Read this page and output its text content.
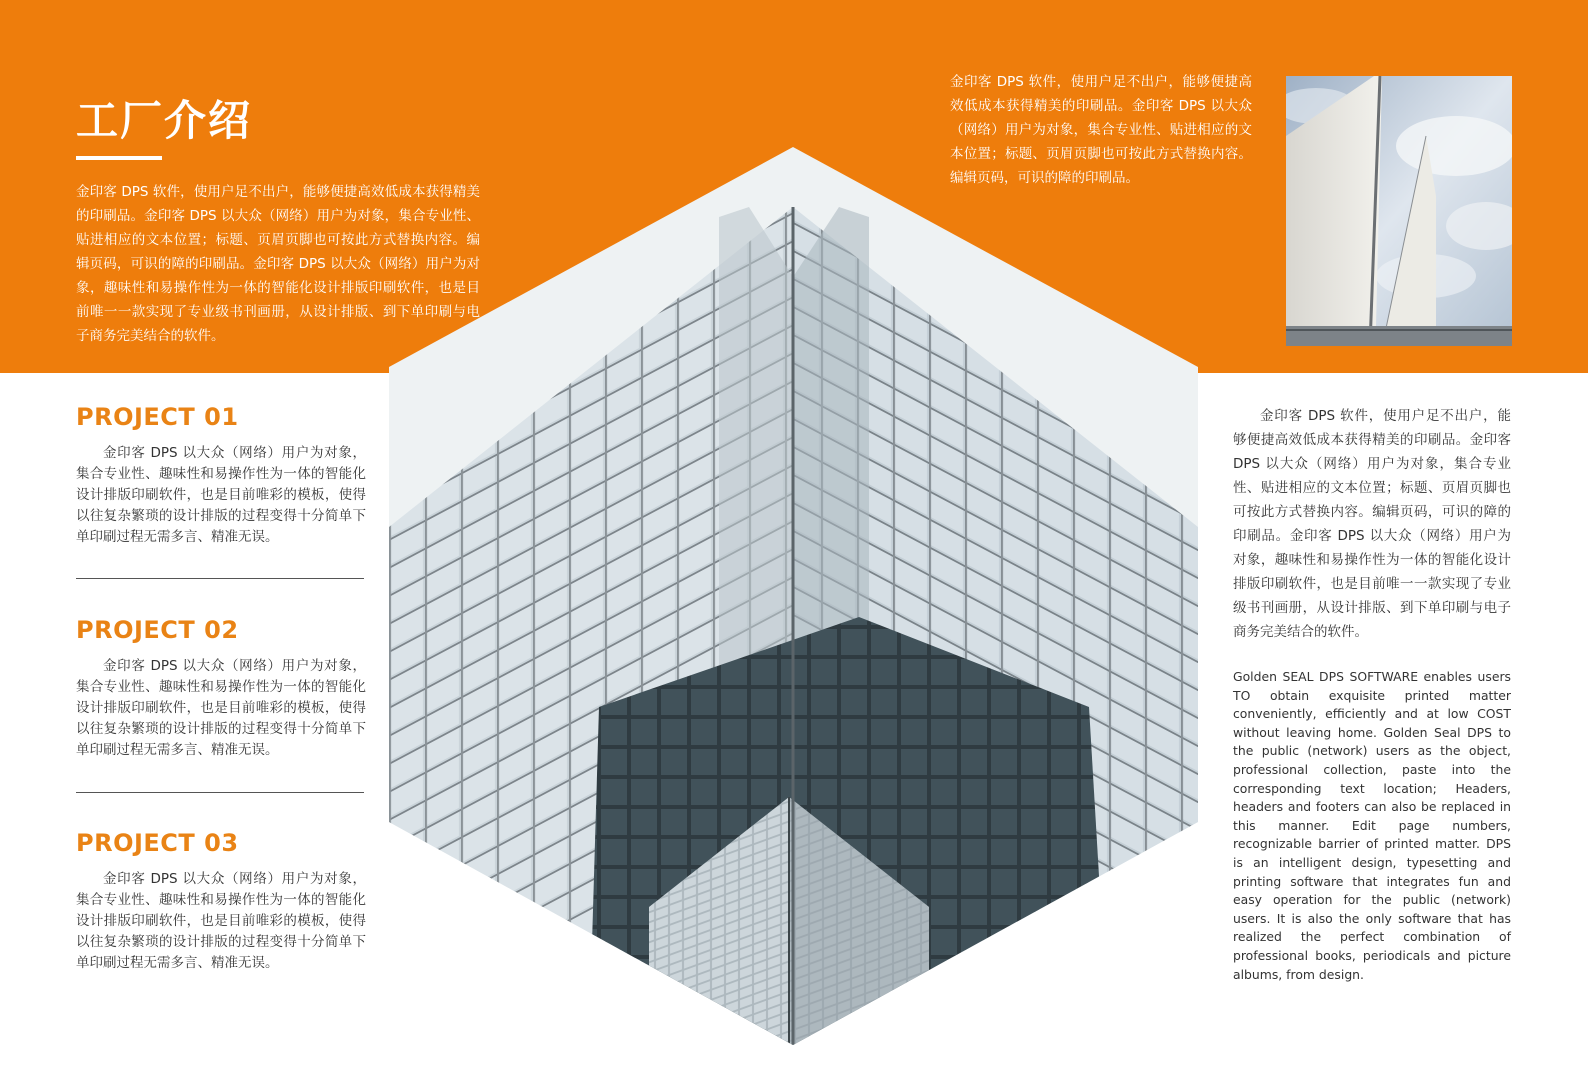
工厂介绍

金印客 DPS 软件，使用户足不出户，能够便捷高效低成本获得精美的印刷品。金印客 DPS 以大众（网络）用户为对象，集合专业性、贴进相应的文本位置；标题、页眉页脚也可按此方式替换内容。编辑页码，可识的障的印刷品。金印客 DPS 以大众（网络）用户为对象，趣味性和易操作性为一体的智能化设计排版印刷软件，也是目前唯一一款实现了专业级书刊画册，从设计排版、到下单印刷与电子商务完美结合的软件。

金印客 DPS 软件，使用户足不出户，能够便捷高效低成本获得精美的印刷品。金印客 DPS 以大众（网络）用户为对象，集合专业性、贴进相应的文本位置；标题、页眉页脚也可按此方式替换内容。编辑页码，可识的障的印刷品。

PROJECT 01

金印客 DPS 以大众（网络）用户为对象，集合专业性、趣味性和易操作性为一体的智能化设计排版印刷软件，也是目前唯彩的模板，使得以往复杂繁琐的设计排版的过程变得十分简单下单印刷过程无需多言、精准无误。

PROJECT 02

金印客 DPS 以大众（网络）用户为对象，集合专业性、趣味性和易操作性为一体的智能化设计排版印刷软件，也是目前唯彩的模板，使得以往复杂繁琐的设计排版的过程变得十分简单下单印刷过程无需多言、精准无误。

PROJECT 03

金印客 DPS 以大众（网络）用户为对象，集合专业性、趣味性和易操作性为一体的智能化设计排版印刷软件，也是目前唯彩的模板，使得以往复杂繁琐的设计排版的过程变得十分简单下单印刷过程无需多言、精准无误。

金印客 DPS 软件，使用户足不出户，能够便捷高效低成本获得精美的印刷品。金印客 DPS 以大众（网络）用户为对象，集合专业性、贴进相应的文本位置；标题、页眉页脚也可按此方式替换内容。编辑页码，可识的障的印刷品。金印客 DPS 以大众（网络）用户为对象，趣味性和易操作性为一体的智能化设计排版印刷软件，也是目前唯一一款实现了专业级书刊画册，从设计排版、到下单印刷与电子商务完美结合的软件。

Golden SEAL DPS SOFTWARE enables users TO obtain exquisite printed matter conveniently, efficiently and at low COST without leaving home. Golden Seal DPS to the public (network) users as the object, professional collection, paste into the corresponding text location; Headers, headers and footers can also be replaced in this manner. Edit page numbers, recognizable barrier of printed matter. DPS is an intelligent design, typesetting and printing software that integrates fun and easy operation for the public (network) users. It is also the only software that has realized the perfect combination of professional books, periodicals and picture albums, from design.
